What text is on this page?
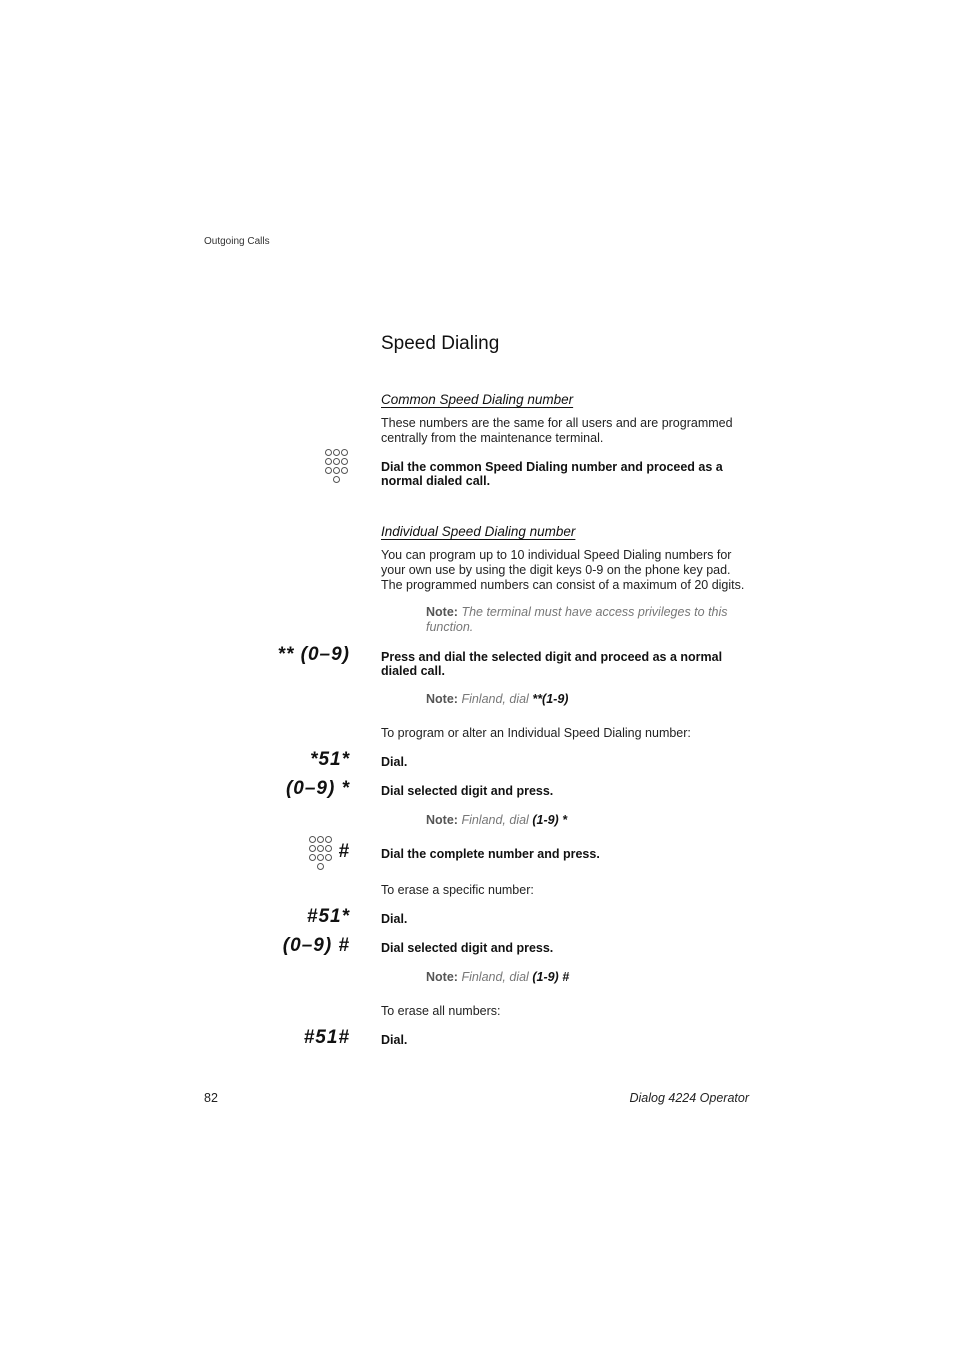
Outgoing Calls
Speed Dialing
Common Speed Dialing number
These numbers are the same for all users and are programmed centrally from the maintenance terminal.
Dial the common Speed Dialing number and proceed as a normal dialed call.
Individual Speed Dialing number
You can program up to 10 individual Speed Dialing numbers for your own use by using the digit keys 0-9 on the phone key pad. The programmed numbers can consist of a maximum of 20 digits.
Note: The terminal must have access privileges to this function.
** (0–9) Press and dial the selected digit and proceed as a normal dialed call.
Note: Finland, dial **(1-9)
To program or alter an Individual Speed Dialing number:
*51* Dial.
(0–9) * Dial selected digit and press.
Note: Finland, dial (1-9) *
# Dial the complete number and press.
To erase a specific number:
#51* Dial.
(0–9) # Dial selected digit and press.
Note: Finland, dial (1-9) #
To erase all numbers:
#51# Dial.
82	Dialog 4224 Operator
